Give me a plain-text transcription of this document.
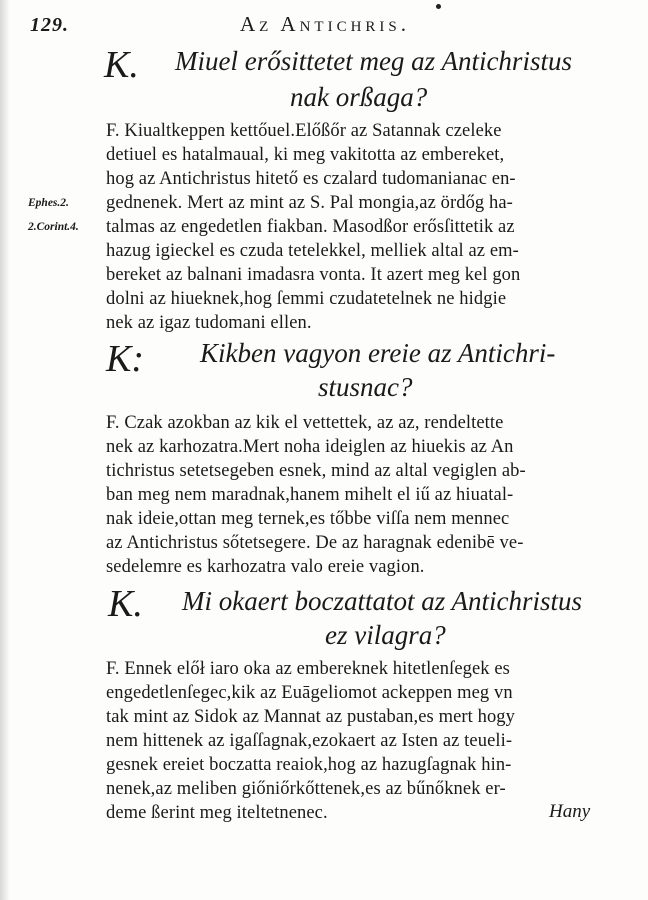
129.	Az Antichris.
K. Miuel erősittetet meg az Antichristus
nak orßaga?
F. Kiualtkeppen kettőuel.Előßőr az Satannak czeleke
detiuel es hatalmaual, ki meg vakitotta az embereket,
hog az Antichristus hitető es czalard tudomanianac en-
gednenek. Mert az mint az S. Pal mongia,az ördőg ha-
talmas az engedetlen fiakban. Masodßor erősſittetik az
hazug igieckel es czuda tetelekkel, melliek altal az em-
bereket az balnani imadasra vonta. It azert meg kel gon
dolni az hiueknek,hog ſemmi czudatetelnek ne hidgie
nek az igaz tudomani ellen.
Ephes.2.
2.Corint.4.
K: Kikben vagyon ereie az Antichri-
stusnac?
F. Czak azokban az kik el vettettek, az az, rendeltette
nek az karhozatra.Mert noha ideiglen az hiuekis az An
tichristus setetsegeben esnek, mind az altal vegiglen ab-
ban meg nem maradnak,hanem mihelt el iű az hiuatal-
nak ideie,ottan meg ternek,es tőbbe viſſa nem mennec
az Antichristus sőtetsegere. De az haragnak edenibē ve-
sedelemre es karhozatra valo ereie vagion.
K. Mi okaert boczattatot az Antichristus
ez vilagra?
F. Ennek előł iaro oka az embereknek hitetlenſegek es
engedetlenſegec,kik az Euāgeliomot ackeppen meg vn
tak mint az Sidok az Mannat az pustaban,es mert hogy
nem hittenek az igaſſagnak,ezokaert az Isten az teueli-
gesnek ereiet boczatta reaiok,hog az hazugſagnak hin-
nenek,az meliben giőniőrkőttenek,es az bűnőknek er-
deme ßerint meg iteltetnenec.	Hany
